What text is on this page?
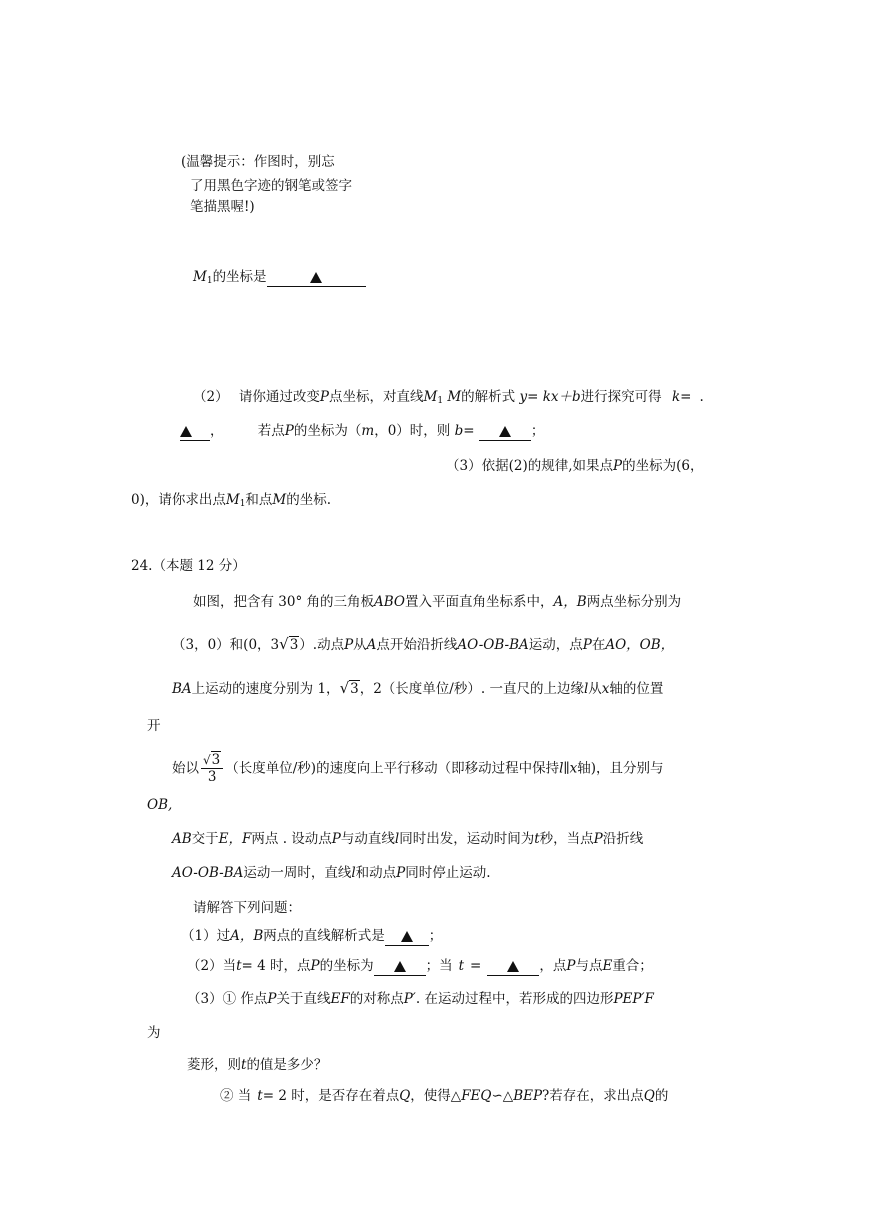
(温馨提示：作图时，别忘
了用黑色字迹的钢笔或签字
笔描黑喔!)
$M_1$的坐标是
（2） 请你通过改变P点坐标，对直线$M_1$ M的解析式 y= kx＋b进行探究可得 k= .
，	若点P的坐标为（m，0）时，则 b=	；
（3）依据(2)的规律,如果点P的坐标为(6，
0)，请你求出点$M_1$和点M的坐标.
24.（本题 12 分）
如图，把含有 30° 角的三角板ABO置入平面直角坐标系中，A，B两点坐标分别为
（3，0）和(0，3√3）.动点P从A点开始沿折线AO-OB-BA运动，点P在AO，OB，
BA上运动的速度分别为 1，√3，2（长度单位/秒）. 一直尺的上边缘l从x轴的位置
开
始以 $\frac{√3}{3}$ （长度单位/秒)的速度向上平行移动（即移动过程中保持l∥x轴)，且分别与
OB,
AB交于E，F两点 . 设动点P与动直线l同时出发，运动时间为t秒，当点P沿折线
AO-OB-BA运动一周时，直线l和动点P同时停止运动.
请解答下列问题：
（1）过A，B两点的直线解析式是	；
（2）当t= 4 时，点P的坐标为	；当 t =	，点P与点E重合；
（3）① 作点P关于直线EF的对称点P′. 在运动过程中，若形成的四边形PEP′F
为
菱形，则t的值是多少？
② 当 t= 2 时，是否存在着点Q，使得△FEQ∽△BEP?若存在，求出点Q的
